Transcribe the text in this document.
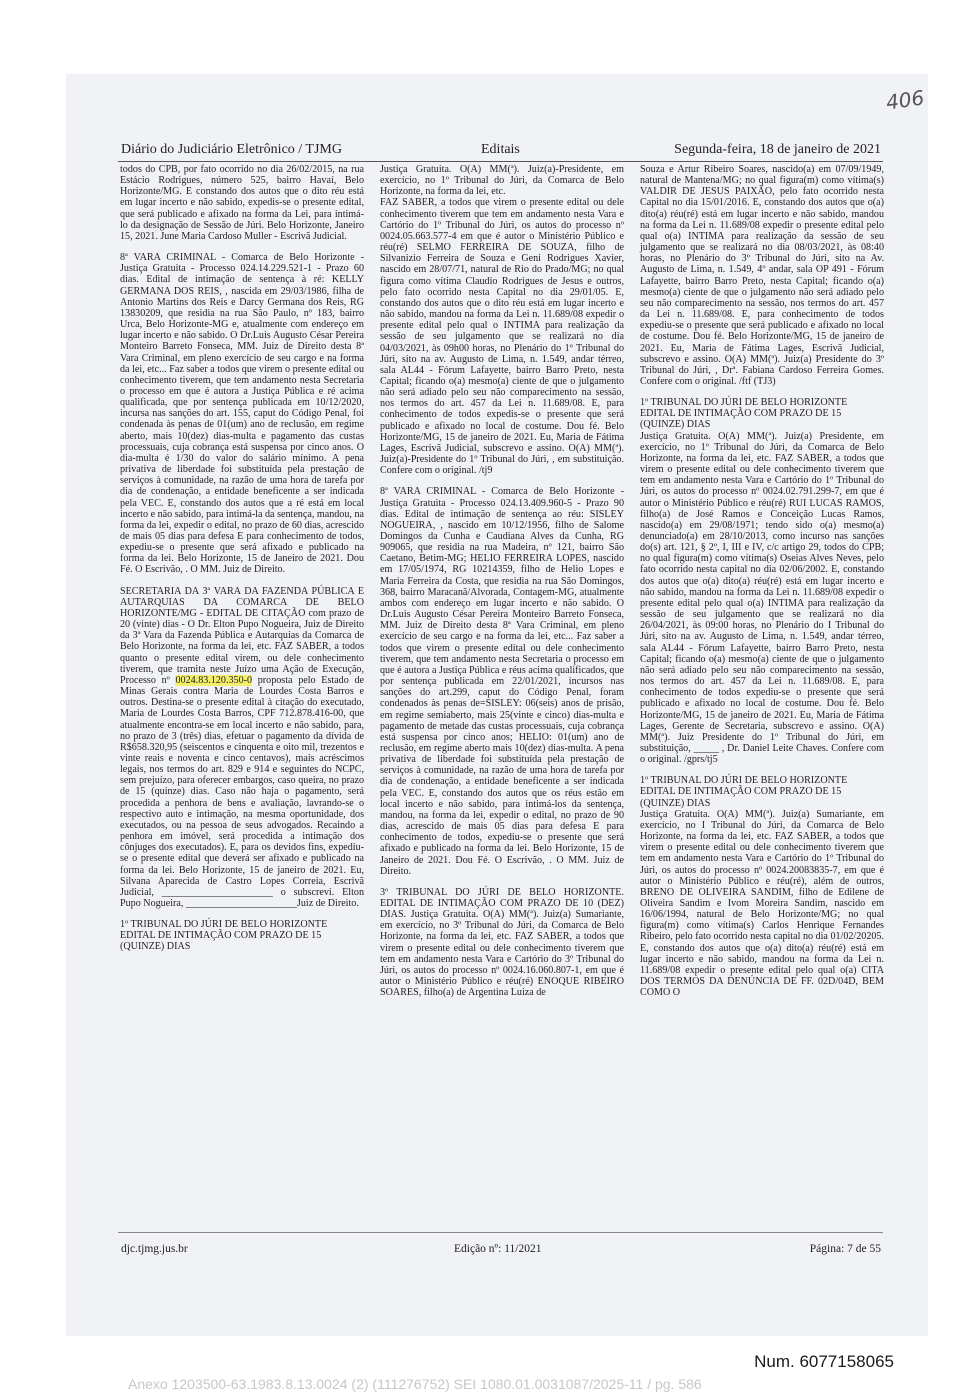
406
Diário do Judiciário Eletrônico / TJMG	Editais	Segunda-feira, 18 de janeiro de 2021

todos do CPB, por fato ocorrido no dia 26/02/2015, na rua Estácio Rodrigues, número 525, bairro Havaí, Belo Horizonte/MG. E constando dos autos que o dito réu está em lugar incerto e não sabido, expedis-se o presente edital, que será publicado e afixado na forma da Lei, para intimá-lo da designação de Sessão de Júri. Belo Horizonte, Janeiro 15, 2021. June Maria Cardoso Muller - Escrivã Judicial.

8ª VARA CRIMINAL - Comarca de Belo Horizonte - Justiça Gratuita - Processo 024.14.229.521-1 - Prazo 60 dias. Edital de intimação de sentença à ré: KELLY GERMANA DOS REIS, , nascida em 29/03/1986, filha de Antonio Martins dos Reis e Darcy Germana dos Reis, RG 13830209, que residia na rua São Paulo, nº 183, bairro Urca, Belo Horizonte-MG e, atualmente com endereço em lugar incerto e não sabido. O Dr.Luis Augusto César Pereira Monteiro Barreto Fonseca, MM. Juiz de Direito desta 8ª Vara Criminal, em pleno exercício de seu cargo e na forma da lei, etc... Faz saber a todos que virem o presente edital ou conhecimento tiverem, que tem andamento nesta Secretaria o processo em que é autora a Justiça Pública e ré acima qualificada, que por sentença publicada em 10/12/2020, incursa nas sanções do art. 155, caput do Código Penal, foi condenada às penas de 01(um) ano de reclusão, em regime aberto, mais 10(dez) dias-multa e pagamento das custas processuais, cuja cobrança está suspensa por cinco anos. O dia-multa é 1/30 do valor do salário mínimo. A pena privativa de liberdade foi substituída pela prestação de serviços à comunidade, na razão de uma hora de tarefa por dia de condenação, a entidade beneficente a ser indicada pela VEC. E, constando dos autos que a ré está em local incerto e não sabido, para intimá-la da sentença, mandou, na forma da lei, expedir o edital, no prazo de 60 dias, acrescido de mais 05 dias para defesa E para conhecimento de todos, expediu-se o presente que será afixado e publicado na forma da lei. Belo Horizonte, 15 de Janeiro de 2021. Dou Fé. O Escrivão, . O MM. Juiz de Direito.

SECRETARIA DA 3ª VARA DA FAZENDA PÚBLICA E AUTARQUIAS DA COMARCA DE BELO HORIZONTE/MG - EDITAL DE CITAÇÃO com prazo de 20 (vinte) dias - O Dr. Elton Pupo Nogueira, Juiz de Direito da 3ª Vara da Fazenda Pública e Autarquias da Comarca de Belo Horizonte, na forma da lei, etc. FAZ SABER, a todos quanto o presente edital virem, ou dele conhecimento tiverem, que tramita neste Juízo uma Ação de Execução, Processo nº 0024.83.120.350-0 proposta pelo Estado de Minas Gerais contra Maria de Lourdes Costa Barros e outros. Destina-se o presente edital à citação do executado, Maria de Lourdes Costa Barros, CPF 712.878.416-00, que atualmente encontra-se em local incerto e não sabido, para, no prazo de 3 (três) dias, efetuar o pagamento da dívida de R$658.320,95 (seiscentos e cinquenta e oito mil, trezentos e vinte reais e noventa e cinco centavos), mais acréscimos legais, nos termos do art. 829 e 914 e seguintes do NCPC, sem prejuízo, para oferecer embargos, caso queira, no prazo de 15 (quinze) dias. Caso não haja o pagamento, será procedida a penhora de bens e avaliação, lavrando-se o respectivo auto e intimação, na mesma oportunidade, dos executados, ou na pessoa de seus advogados. Recaindo a penhora em imóvel, será procedida a intimação dos cônjuges dos executados). E, para os devidos fins, expediu-se o presente edital que deverá ser afixado e publicado na forma da lei. Belo Horizonte, 15 de janeiro de 2021. Eu, Silvana Aparecida de Castro Lopes Correia, Escrivã Judicial, ______________________ o subscrevi. Elton Pupo Nogueira, ______________________Juiz de Direito.

1º TRIBUNAL DO JÚRI DE BELO HORIZONTE EDITAL DE INTIMAÇÃO COM PRAZO DE 15 (QUINZE) DIAS

Justiça Gratuita. O(A) MM(ª). Juiz(a)-Presidente, em exercício, no 1º Tribunal do Júri, da Comarca de Belo Horizonte, na forma da lei, etc.

FAZ SABER, a todos que virem o presente edital ou dele conhecimento tiverem que tem em andamento nesta Vara e Cartório do 1º Tribunal do Júri, os autos do processo nº 0024.05.663.577-4 em que é autor o Ministério Público e réu(ré) SELMO FERREIRA DE SOUZA, filho de Silvanizio Ferreira de Souza e Geni Rodrigues Xavier, nascido em 28/07/71, natural de Rio do Prado/MG; no qual figura como vítima Claudio Rodrigues de Jesus e outros, pelo fato ocorrido nesta Capital no dia 29/01/05. E, constando dos autos que o dito réu está em lugar incerto e não sabido, mandou na forma da Lei n. 11.689/08 expedir o presente edital pelo qual o INTIMA para realização da sessão de seu julgamento que se realizará no dia 04/03/2021, às 09h00 horas, no Plenário do 1º Tribunal do Júri, sito na av. Augusto de Lima, n. 1.549, andar térreo, sala AL44 - Fórum Lafayette, bairro Barro Preto, nesta Capital; ficando o(a) mesmo(a) ciente de que o julgamento não será adiado pelo seu não comparecimento na sessão, nos termos do art. 457 da Lei n. 11.689/08. E, para conhecimento de todos expedis-se o presente que será publicado e afixado no local de costume. Dou fé. Belo Horizonte/MG, 15 de janeiro de 2021. Eu, Maria de Fátima Lages, Escrivã Judicial, subscrevo e assino. O(A) MM(ª). Juiz(a)-Presidente do 1º Tribunal do Júri, , em substituição. Confere com o original. /tj9

8ª VARA CRIMINAL - Comarca de Belo Horizonte - Justiça Gratuita - Processo 024.13.409.960-5 - Prazo 90 dias. Edital de intimação de sentença ao réu: SISLEY NOGUEIRA, , nascido em 10/12/1956, filho de Salome Domingos da Cunha e Caudiana Alves da Cunha, RG 909065, que residia na rua Madeira, nº 121, bairro São Caetano, Betim-MG; HELIO FERREIRA LOPES, nascido em 17/05/1974, RG 10214359, filho de Helio Lopes e Maria Ferreira da Costa, que residia na rua São Domingos, 368, bairro Maracanã/Alvorada, Contagem-MG, atualmente ambos com endereço em lugar incerto e não sabido. O Dr.Luis Augusto César Pereira Monteiro Barreto Fonseca, MM. Juiz de Direito desta 8ª Vara Criminal, em pleno exercício de seu cargo e na forma da lei, etc... Faz saber a todos que virem o presente edital ou dele conhecimento tiverem, que tem andamento nesta Secretaria o processo em que é autora a Justiça Pública e réus acima qualificados, que por sentença publicada em 22/01/2021, incursos nas sanções do art.299, caput do Código Penal, foram condenados às penas de=SISLEY: 06(seis) anos de prisão, em regime semiaberto, mais 25(vinte e cinco) dias-multa e pagamento de metade das custas processuais, cuja cobrança está suspensa por cinco anos; HELIO: 01(um) ano de reclusão, em regime aberto mais 10(dez) dias-multa. A pena privativa de liberdade foi substituída pela prestação de serviços à comunidade, na razão de uma hora de tarefa por dia de condenação, a entidade beneficente a ser indicada pela VEC. E, constando dos autos que os réus estão em local incerto e não sabido, para intimá-los da sentença, mandou, na forma da lei, expedir o edital, no prazo de 90 dias, acrescido de mais 05 dias para defesa E para conhecimento de todos, expediu-se o presente que será afixado e publicado na forma da lei. Belo Horizonte, 15 de Janeiro de 2021. Dou Fé. O Escrivão, . O MM. Juiz de Direito.

3º TRIBUNAL DO JÚRI DE BELO HORIZONTE. EDITAL DE INTIMAÇÃO COM PRAZO DE 10 (DEZ) DIAS. Justiça Gratuita. O(A) MM(ª). Juiz(a) Sumariante, em exercício, no 3º Tribunal do Júri, da Comarca de Belo Horizonte, na forma da lei, etc. FAZ SABER, a todos que virem o presente edital ou dele conhecimento tiverem que tem em andamento nesta Vara e Cartório do 3º Tribunal do Júri, os autos do processo nº 0024.16.060.807-1, em que é autor o Ministério Público e réu(ré) ENOQUE RIBEIRO SOARES, filho(a) de Argentina Luiza de

Souza e Artur Ribeiro Soares, nascido(a) em 07/09/1949, natural de Mantena/MG; no qual figura(m) como vítima(s) VALDIR DE JESUS PAIXÃO, pelo fato ocorrido nesta Capital no dia 15/01/2016. E, constando dos autos que o(a) dito(a) réu(ré) está em lugar incerto e não sabido, mandou na forma da Lei n. 11.689/08 expedir o presente edital pelo qual o(a) INTIMA para realização da sessão de seu julgamento que se realizará no dia 08/03/2021, às 08:40 horas, no Plenário do 3º Tribunal do Júri, sito na Av. Augusto de Lima, n. 1.549, 4º andar, sala OP 491 - Fórum Lafayette, bairro Barro Preto, nesta Capital; ficando o(a) mesmo(a) ciente de que o julgamento não será adiado pelo seu não comparecimento na sessão, nos termos do art. 457 da Lei n. 11.689/08. E, para conhecimento de todos expediu-se o presente que será publicado e afixado no local de costume. Dou fé. Belo Horizonte/MG, 15 de janeiro de 2021. Eu, Maria de Fátima Lages, Escrivã Judicial, subscrevo e assino. O(A) MM(ª). Juiz(a) Presidente do 3º Tribunal do Júri, , Drª. Fabiana Cardoso Ferreira Gomes. Confere com o original. /ftf (TJ3)

1º TRIBUNAL DO JÚRI DE BELO HORIZONTE EDITAL DE INTIMAÇÃO COM PRAZO DE 15 (QUINZE) DIAS

Justiça Gratuita. O(A) MM(ª). Juiz(a) Presidente, em exercício, no 1º Tribunal do Júri, da Comarca de Belo Horizonte, na forma da lei, etc. FAZ SABER, a todos que virem o presente edital ou dele conhecimento tiverem que tem em andamento nesta Vara e Cartório do 1º Tribunal do Júri, os autos do processo nº 0024.02.791.299-7, em que é autor o Ministério Público e réu(ré) RUI LUCAS RAMOS, filho(a) de José Ramos e Conceição Lucas Ramos, nascido(a) em 29/08/1971; tendo sido o(a) mesmo(a) denunciado(a) em 28/10/2013, como incurso nas sanções do(s) art. 121, § 2º, I, III e IV, c/c artigo 29, todos do CPB; no qual figura(m) como vítima(s) Oseias Alves Neves, pelo fato ocorrido nesta capital no dia 02/06/2002. E, constando dos autos que o(a) dito(a) réu(ré) está em lugar incerto e não sabido, mandou na forma da Lei n. 11.689/08 expedir o presente edital pelo qual o(a) INTIMA para realização da sessão de seu julgamento que se realizará no dia 26/04/2021, às 09:00 horas, no Plenário do I Tribunal do Júri, sito na av. Augusto de Lima, n. 1.549, andar térreo, sala AL44 - Fórum Lafayette, bairro Barro Preto, nesta Capital; ficando o(a) mesmo(a) ciente de que o julgamento não será adiado pelo seu não comparecimento na sessão, nos termos do art. 457 da Lei n. 11.689/08. E, para conhecimento de todos expediu-se o presente que será publicado e afixado no local de costume. Dou fé. Belo Horizonte/MG, 15 de janeiro de 2021. Eu, Maria de Fátima Lages, Gerente de Secretaria, subscrevo e assino. O(A) MM(ª). Juiz Presidente do 1º Tribunal do Júri, em substituição, _____ , Dr. Daniel Leite Chaves. Confere com o original. /gprs/tj5

1º TRIBUNAL DO JÚRI DE BELO HORIZONTE EDITAL DE INTIMAÇÃO COM PRAZO DE 15 (QUINZE) DIAS

Justiça Gratuita. O(A) MM(ª). Juiz(a) Sumariante, em exercício, no I Tribunal do Júri, da Comarca de Belo Horizonte, na forma da lei, etc. FAZ SABER, a todos que virem o presente edital ou dele conhecimento tiverem que tem em andamento nesta Vara e Cartório do 1º Tribunal do Júri, os autos do processo nº 0024.20083835-7, em que é autor o Ministério Público e réu(ré), além de outros, BRENO DE OLIVEIRA SANDIM, filho de Edilene de Oliveira Sandim e Ivom Moreira Sandim, nascido em 16/06/1994, natural de Belo Horizonte/MG; no qual figura(m) como vítima(s) Carlos Henrique Fernandes Ribeiro, pelo fato ocorrido nesta capital no dia 01/02/20205. E, constando dos autos que o(a) dito(a) réu(ré) está em lugar incerto e não sabido, mandou na forma da Lei n. 11.689/08 expedir o presente edital pelo qual o(a) CITA DOS TERMOS DA DENÚNCIA DE FF. 02D/04D, BEM COMO O

djc.tjmg.jus.br	Edição nº: 11/2021	Página: 7 de 55
Num. 6077158065
Anexo 1203500-63.1983.8.13.0024 (2) (111276752) SEI 1080.01.0031087/2025-11 / pg. 586
